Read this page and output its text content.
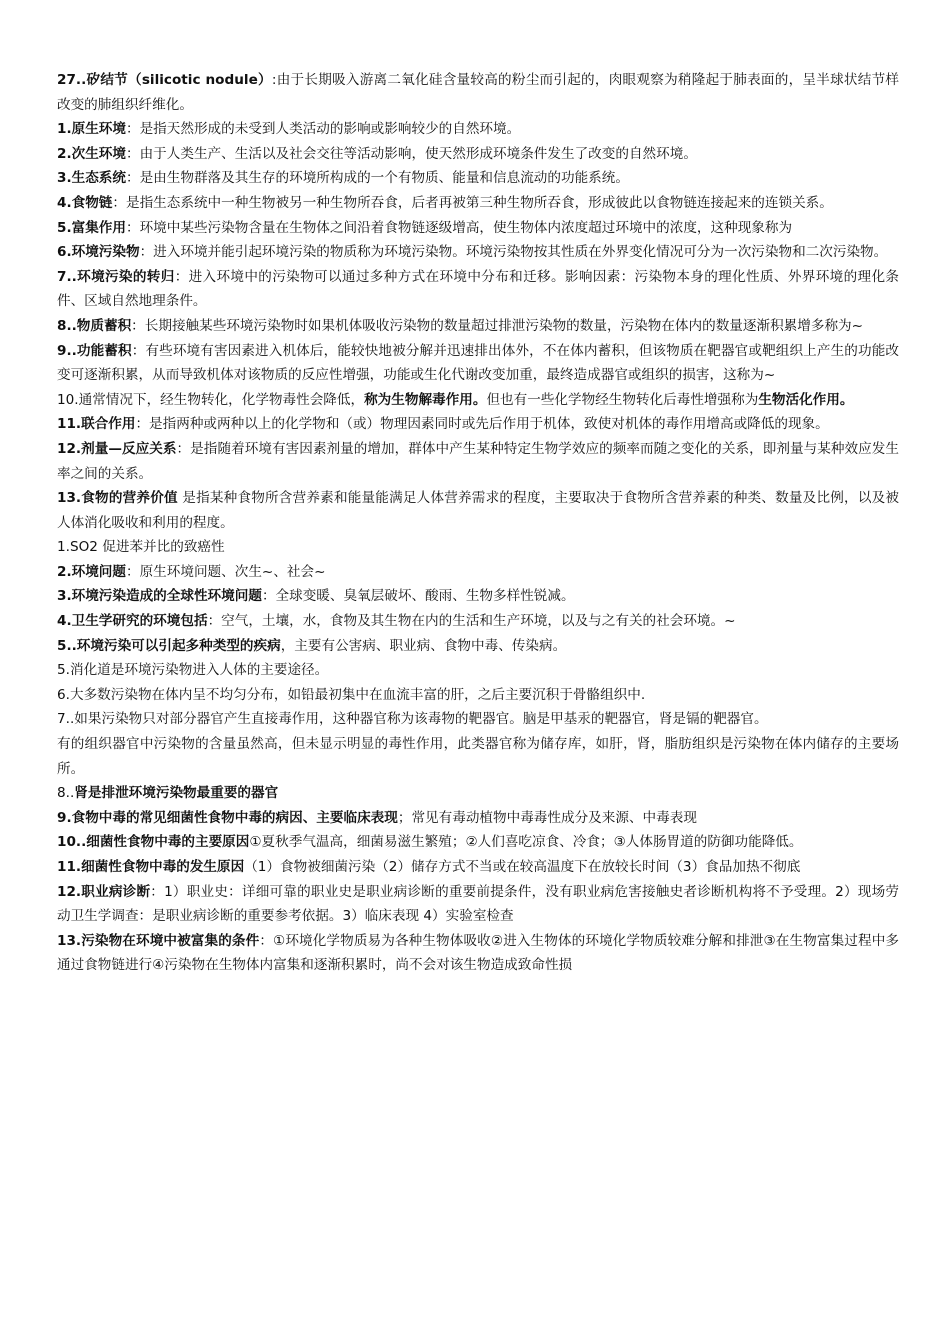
27..矽结节（silicotic nodule）:由于长期吸入游离二氧化硅含量较高的粉尘而引起的，肉眼观察为稍隆起于肺表面的，呈半球状结节样改变的肺组织纤维化。

1.原生环境：是指天然形成的未受到人类活动的影响或影响较少的自然环境。

2.次生环境：由于人类生产、生活以及社会交往等活动影响，使天然形成环境条件发生了改变的自然环境。

3.生态系统：是由生物群落及其生存的环境所构成的一个有物质、能量和信息流动的功能系统。

4.食物链：是指生态系统中一种生物被另一种生物所吞食，后者再被第三种生物所吞食，形成彼此以食物链连接起来的连锁关系。

5.富集作用：环境中某些污染物含量在生物体之间沿着食物链逐级增高，使生物体内浓度超过环境中的浓度，这种现象称为

6.环境污染物：进入环境并能引起环境污染的物质称为环境污染物。环境污染物按其性质在外界变化情况可分为一次污染物和二次污染物。

7..环境污染的转归：进入环境中的污染物可以通过多种方式在环境中分布和迁移。影响因素：污染物本身的理化性质、外界环境的理化条件、区域自然地理条件。

8..物质蓄积：长期接触某些环境污染物时如果机体吸收污染物的数量超过排泄污染物的数量，污染物在体内的数量逐渐积累增多称为~

9..功能蓄积：有些环境有害因素进入机体后，能较快地被分解并迅速排出体外，不在体内蓄积，但该物质在靶器官或靶组织上产生的功能改变可逐渐积累，从而导致机体对该物质的反应性增强，功能或生化代谢改变加重，最终造成器官或组织的损害，这称为~

10.通常情况下，经生物转化，化学物毒性会降低，称为生物解毒作用。但也有一些化学物经生物转化后毒性增强称为生物活化作用。

11.联合作用：是指两种或两种以上的化学物和（或）物理因素同时或先后作用于机体，致使对机体的毒作用增高或降低的现象。

12.剂量—反应关系：是指随着环境有害因素剂量的增加，群体中产生某种特定生物学效应的频率而随之变化的关系，即剂量与某种效应发生率之间的关系。

13.食物的营养价值 是指某种食物所含营养素和能量能满足人体营养需求的程度，主要取决于食物所含营养素的种类、数量及比例，以及被人体消化吸收和利用的程度。

1.SO2 促进苯并比的致癌性

2.环境问题：原生环境问题、次生~、社会~

3.环境污染造成的全球性环境问题：全球变暖、臭氧层破坏、酸雨、生物多样性锐减。

4.卫生学研究的环境包括：空气，土壤，水，食物及其生物在内的生活和生产环境，以及与之有关的社会环境。~

5..环境污染可以引起多种类型的疾病，主要有公害病、职业病、食物中毒、传染病。

5.消化道是环境污染物进入人体的主要途径。

6.大多数污染物在体内呈不均匀分布，如铅最初集中在血流丰富的肝，之后主要沉积于骨骼组织中.

7..如果污染物只对部分器官产生直接毒作用，这种器官称为该毒物的靶器官。脑是甲基汞的靶器官，肾是镉的靶器官。

有的组织器官中污染物的含量虽然高，但未显示明显的毒性作用，此类器官称为储存库，如肝，肾，脂肪组织是污染物在体内储存的主要场所。

8..肾是排泄环境污染物最重要的器官

9.食物中毒的常见细菌性食物中毒的病因、主要临床表现；常见有毒动植物中毒毒性成分及来源、中毒表现

10..细菌性食物中毒的主要原因①夏秋季气温高，细菌易滋生繁殖；②人们喜吃凉食、冷食；③人体肠胃道的防御功能降低。

11.细菌性食物中毒的发生原因（1）食物被细菌污染（2）储存方式不当或在较高温度下在放较长时间（3）食品加热不彻底

12.职业病诊断：1）职业史：详细可靠的职业史是职业病诊断的重要前提条件，没有职业病危害接触史者诊断机构将不予受理。2）现场劳动卫生学调查：是职业病诊断的重要参考依据。3）临床表现 4）实验室检查

13.污染物在环境中被富集的条件：①环境化学物质易为各种生物体吸收②进入生物体的环境化学物质较难分解和排泄③在生物富集过程中多通过食物链进行④污染物在生物体内富集和逐渐积累时，尚不会对该生物造成致命性损
